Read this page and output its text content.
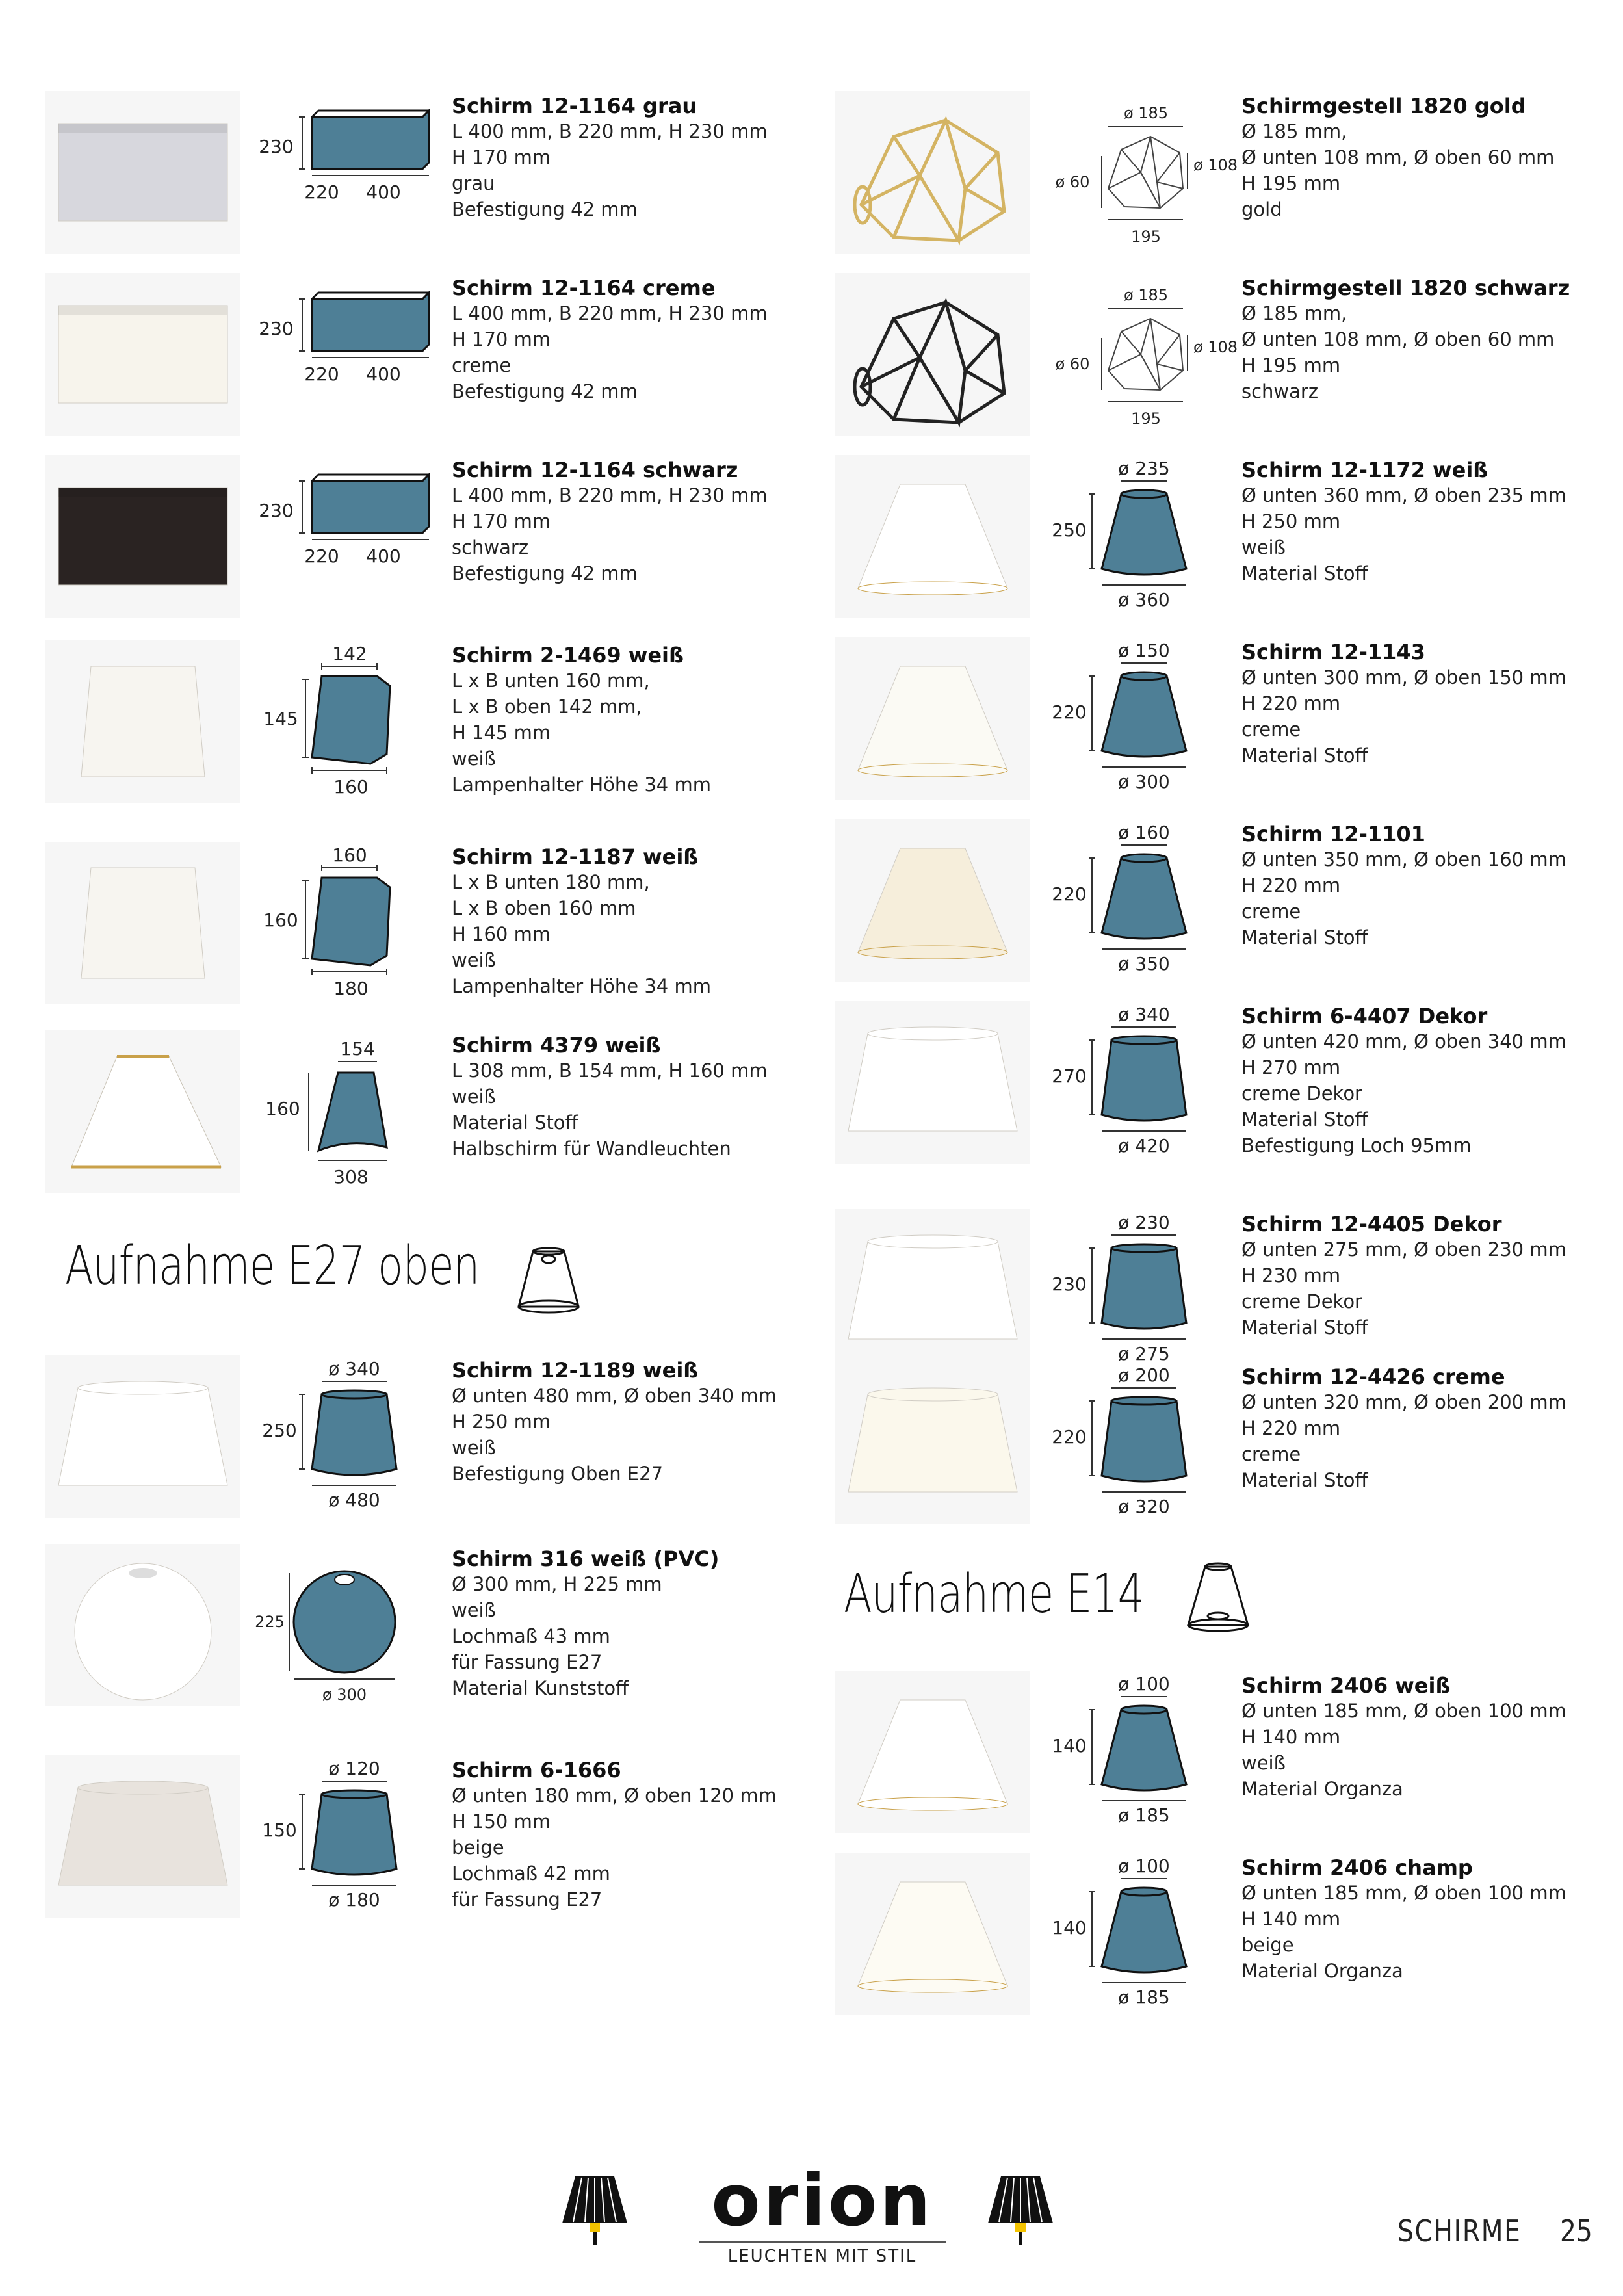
230
220 400
Schirm 12-1164 grau
L 400 mm, B 220 mm, H 230 mm
H 170 mm
grau
Befestigung 42 mm
230
220 400
Schirm 12-1164 creme
L 400 mm, B 220 mm, H 230 mm
H 170 mm
creme
Befestigung 42 mm
230
220 400
Schirm 12-1164 schwarz
L 400 mm, B 220 mm, H 230 mm
H 170 mm
schwarz
Befestigung 42 mm
142
145
160
Schirm 2-1469 weiß
L x B unten 160 mm,
L x B oben 142 mm,
H 145 mm
weiß
Lampenhalter Höhe 34 mm
160
160
180
Schirm 12-1187 weiß
L x B unten 180 mm,
L x B oben 160 mm
H 160 mm
weiß
Lampenhalter Höhe 34 mm
154
160
308
Schirm 4379 weiß
L 308 mm, B 154 mm, H 160 mm
weiß
Material Stoff
Halbschirm für Wandleuchten
Aufnahme E27 oben
ø 340
250
ø 480
Schirm 12-1189 weiß
Ø unten 480 mm, Ø oben 340 mm
H 250 mm
weiß
Befestigung Oben E27
225
ø 300
Schirm 316 weiß (PVC)
Ø 300 mm, H 225 mm
weiß
Lochmaß 43 mm
für Fassung E27
Material Kunststoff
ø 120
150
ø 180
Schirm 6-1666
Ø unten 180 mm, Ø oben 120 mm
H 150 mm
beige
Lochmaß 42 mm
für Fassung E27
ø 185
ø 60
ø 108
195
Schirmgestell 1820 gold
Ø 185 mm,
Ø unten 108 mm, Ø oben 60 mm
H 195 mm
gold
ø 185
ø 60
ø 108
195
Schirmgestell 1820 schwarz
Ø 185 mm,
Ø unten 108 mm, Ø oben 60 mm
H 195 mm
schwarz
ø 235
250
ø 360
Schirm 12-1172 weiß
Ø unten 360 mm, Ø oben 235 mm
H 250 mm
weiß
Material Stoff
ø 150
220
ø 300
Schirm 12-1143
Ø unten 300 mm, Ø oben 150 mm
H 220 mm
creme
Material Stoff
ø 160
220
ø 350
Schirm 12-1101
Ø unten 350 mm, Ø oben 160 mm
H 220 mm
creme
Material Stoff
ø 340
270
ø 420
Schirm 6-4407 Dekor
Ø unten 420 mm, Ø oben 340 mm
H 270 mm
creme Dekor
Material Stoff
Befestigung Loch 95mm
ø 230
230
ø 275
Schirm 12-4405 Dekor
Ø unten 275 mm, Ø oben 230 mm
H 230 mm
creme Dekor
Material Stoff
ø 200
220
ø 320
Schirm 12-4426 creme
Ø unten 320 mm, Ø oben 200 mm
H 220 mm
creme
Material Stoff
Aufnahme E14
ø 100
140
ø 185
Schirm 2406 weiß
Ø unten 185 mm, Ø oben 100 mm
H 140 mm
weiß
Material Organza
ø 100
140
ø 185
Schirm 2406 champ
Ø unten 185 mm, Ø oben 100 mm
H 140 mm
beige
Material Organza
orion
LEUCHTEN MIT STIL
SCHIRME 25
